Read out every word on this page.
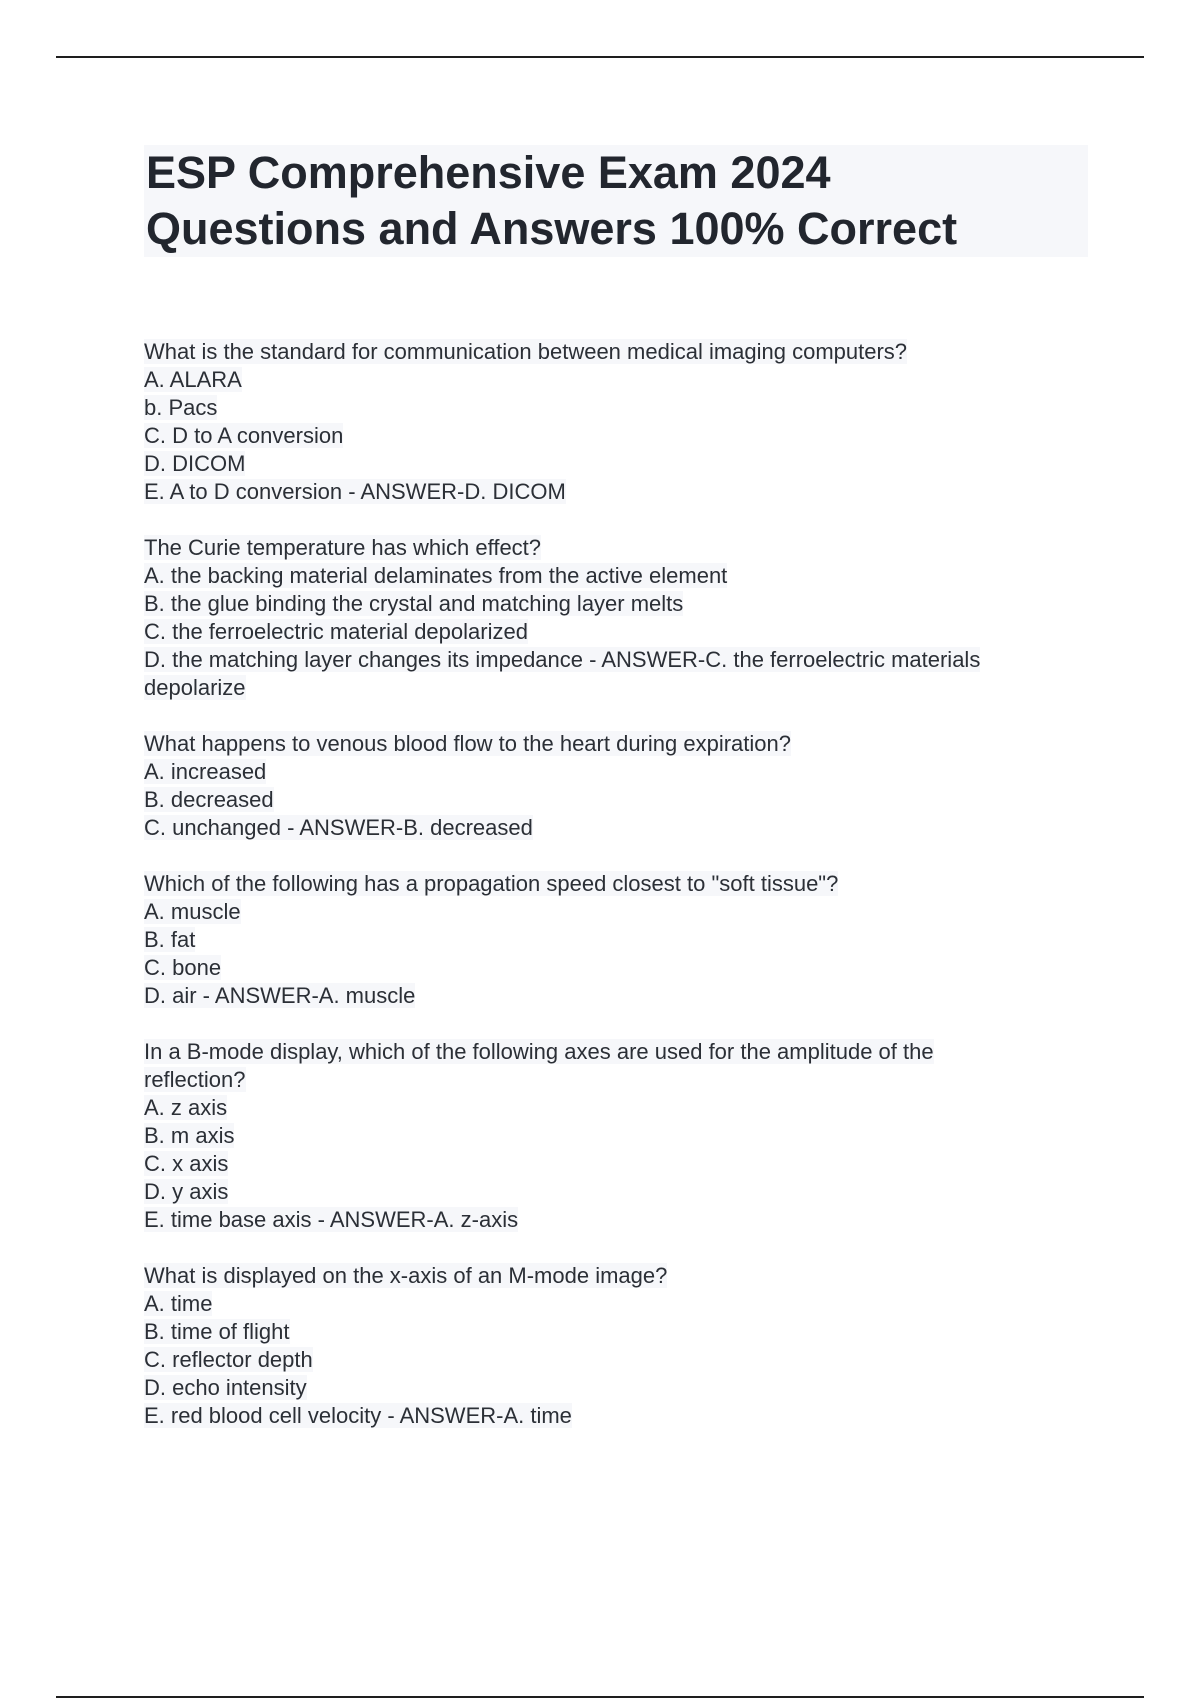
ESP Comprehensive Exam 2024
Questions and Answers 100% Correct
What is the standard for communication between medical imaging computers?
A. ALARA
b. Pacs
C. D to A conversion
D. DICOM
E. A to D conversion - ANSWER-D. DICOM
The Curie temperature has which effect?
A. the backing material delaminates from the active element
B. the glue binding the crystal and matching layer melts
C. the ferroelectric material depolarized
D. the matching layer changes its impedance - ANSWER-C. the ferroelectric materials
depolarize
What happens to venous blood flow to the heart during expiration?
A. increased
B. decreased
C. unchanged - ANSWER-B. decreased
Which of the following has a propagation speed closest to "soft tissue"?
A. muscle
B. fat
C. bone
D. air - ANSWER-A. muscle
In a B-mode display, which of the following axes are used for the amplitude of the
reflection?
A. z axis
B. m axis
C. x axis
D. y axis
E. time base axis - ANSWER-A. z-axis
What is displayed on the x-axis of an M-mode image?
A. time
B. time of flight
C. reflector depth
D. echo intensity
E. red blood cell velocity - ANSWER-A. time
